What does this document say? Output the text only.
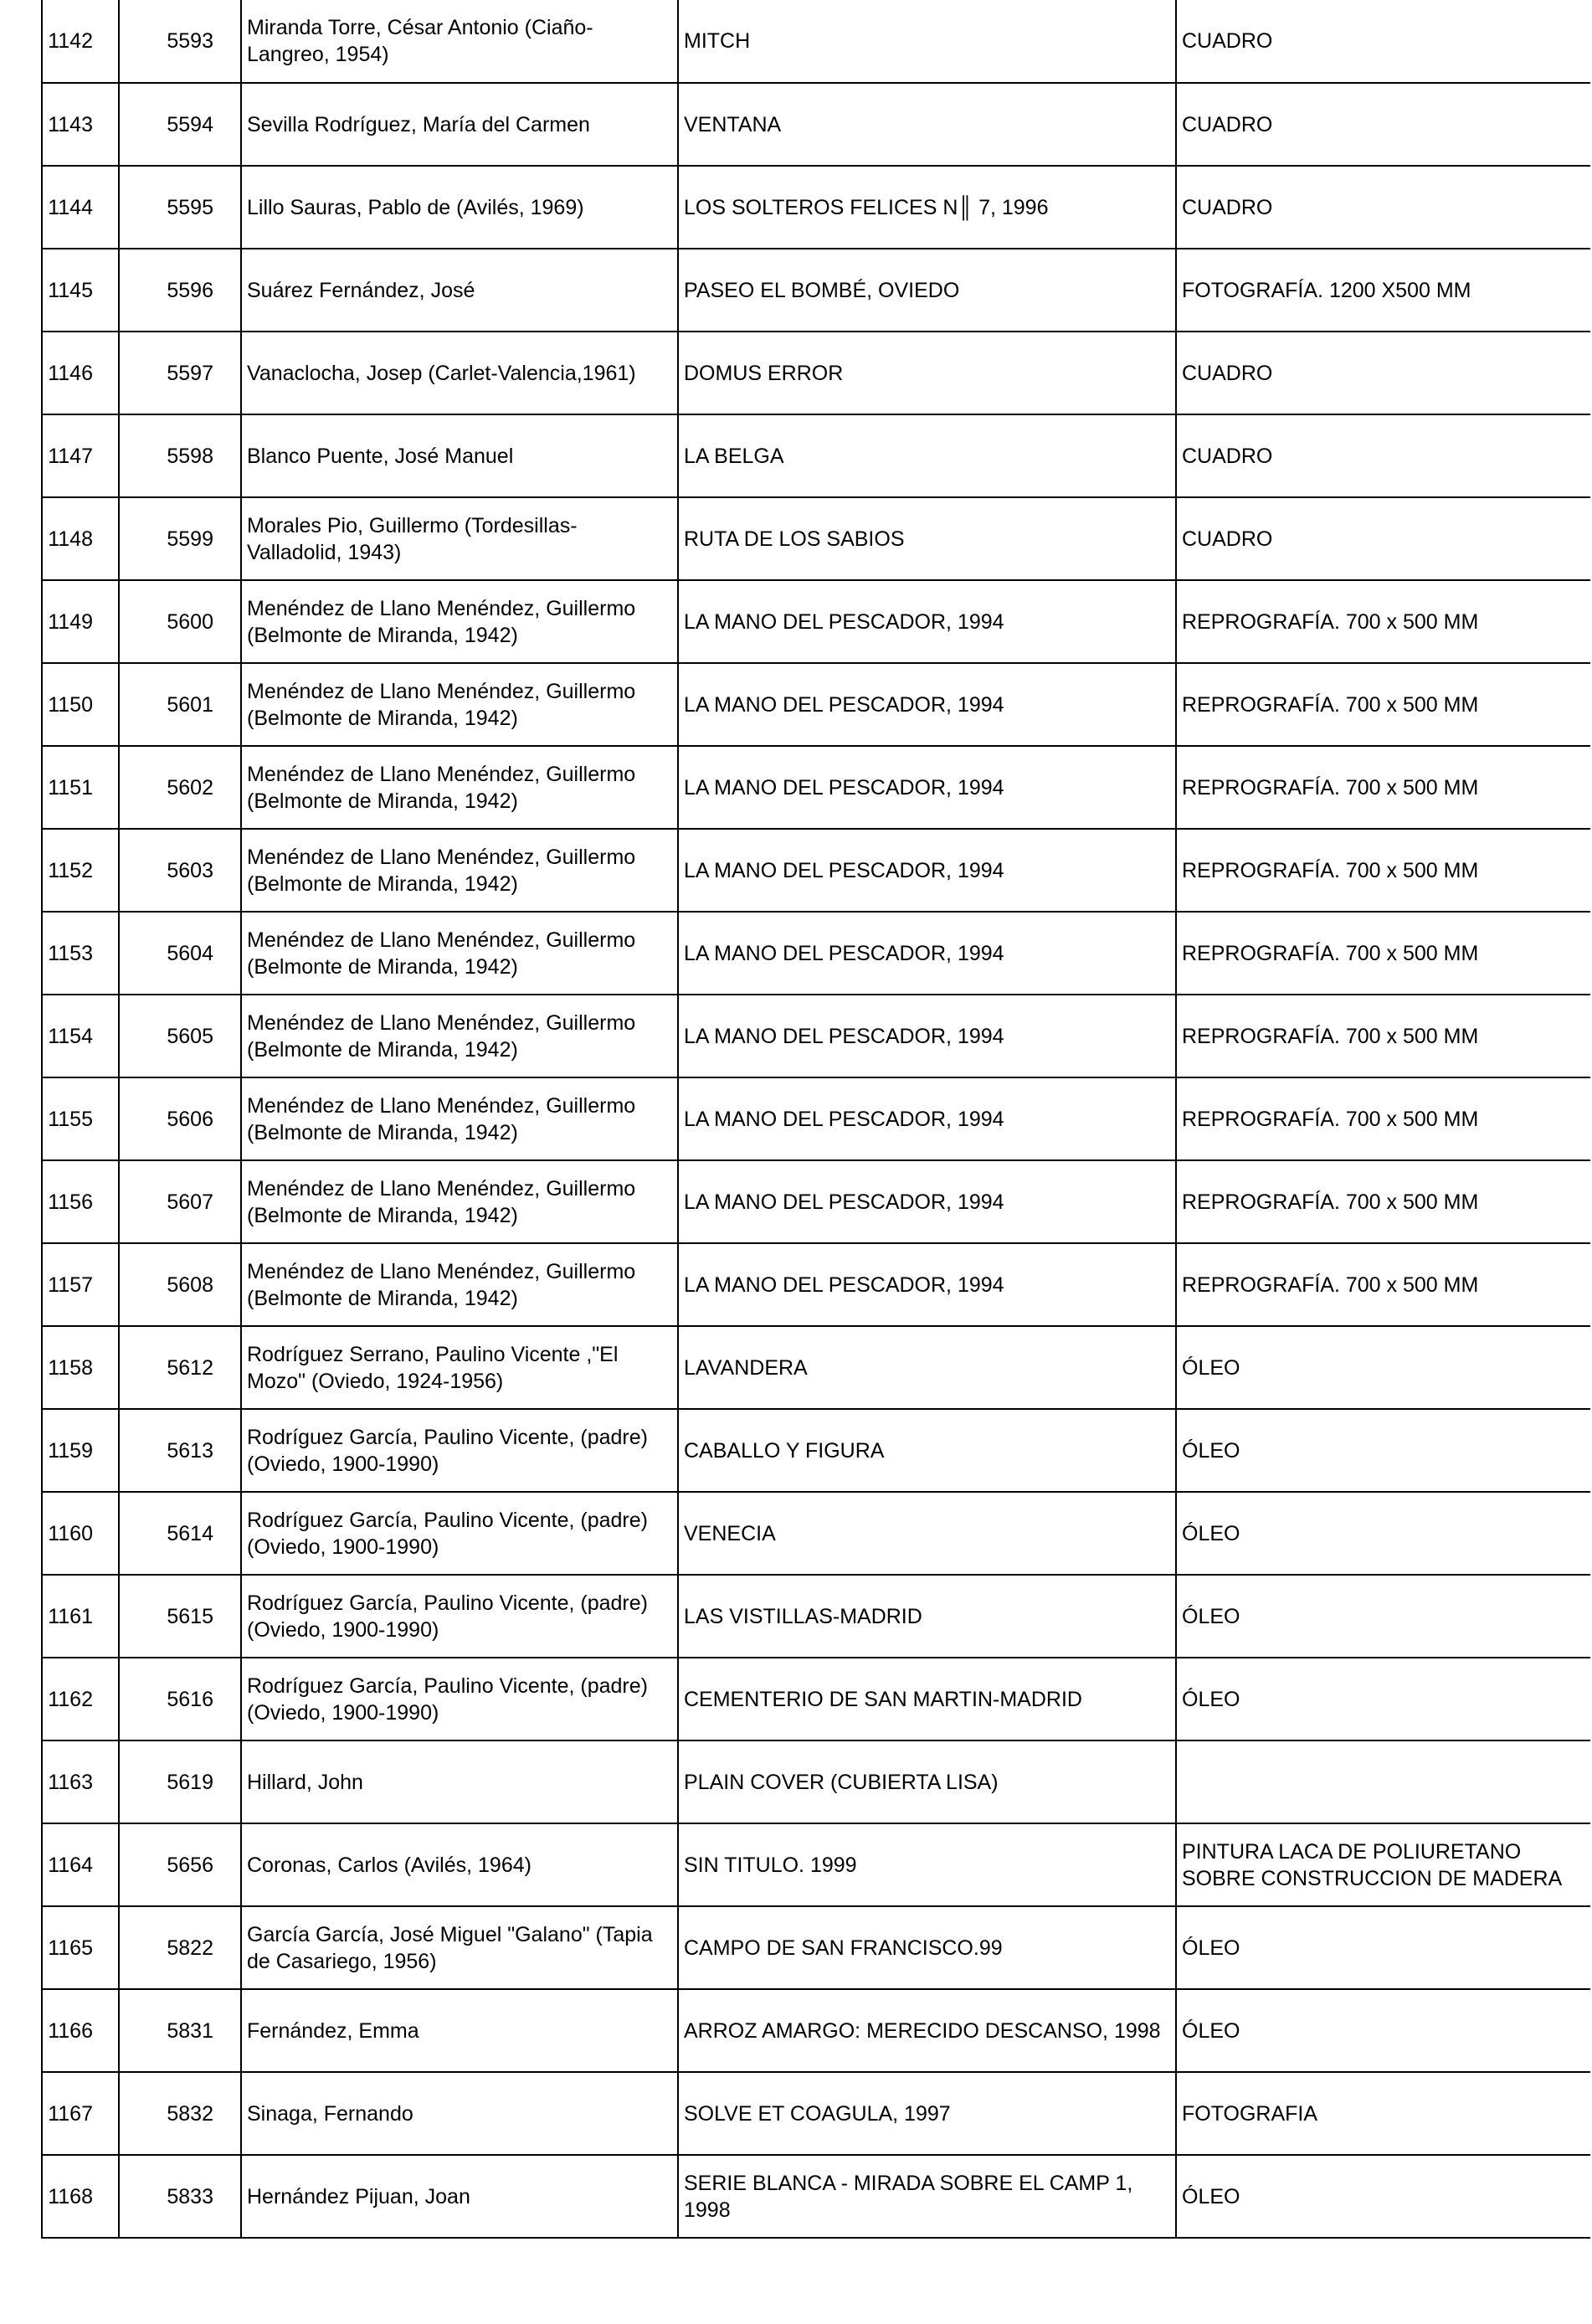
1142	5593	Miranda Torre, César Antonio (Ciaño-Langreo, 1954)	MITCH	CUADRO
1143	5594	Sevilla Rodríguez, María del Carmen	VENTANA	CUADRO
1144	5595	Lillo Sauras, Pablo de (Avilés, 1969)	LOS SOLTEROS FELICES N║ 7, 1996	CUADRO
1145	5596	Suárez Fernández, José	PASEO EL BOMBÉ, OVIEDO	FOTOGRAFÍA. 1200 X500 MM
1146	5597	Vanaclocha, Josep (Carlet-Valencia,1961)	DOMUS ERROR	CUADRO
1147	5598	Blanco Puente, José Manuel	LA BELGA	CUADRO
1148	5599	Morales Pio, Guillermo (Tordesillas-Valladolid, 1943)	RUTA DE LOS SABIOS	CUADRO
1149	5600	Menéndez de Llano Menéndez, Guillermo (Belmonte de Miranda, 1942)	LA MANO DEL PESCADOR, 1994	REPROGRAFÍA. 700 x 500 MM
1150	5601	Menéndez de Llano Menéndez, Guillermo (Belmonte de Miranda, 1942)	LA MANO DEL PESCADOR, 1994	REPROGRAFÍA. 700 x 500 MM
1151	5602	Menéndez de Llano Menéndez, Guillermo (Belmonte de Miranda, 1942)	LA MANO DEL PESCADOR, 1994	REPROGRAFÍA. 700 x 500 MM
1152	5603	Menéndez de Llano Menéndez, Guillermo (Belmonte de Miranda, 1942)	LA MANO DEL PESCADOR, 1994	REPROGRAFÍA. 700 x 500 MM
1153	5604	Menéndez de Llano Menéndez, Guillermo (Belmonte de Miranda, 1942)	LA MANO DEL PESCADOR, 1994	REPROGRAFÍA. 700 x 500 MM
1154	5605	Menéndez de Llano Menéndez, Guillermo (Belmonte de Miranda, 1942)	LA MANO DEL PESCADOR, 1994	REPROGRAFÍA. 700 x 500 MM
1155	5606	Menéndez de Llano Menéndez, Guillermo (Belmonte de Miranda, 1942)	LA MANO DEL PESCADOR, 1994	REPROGRAFÍA. 700 x 500 MM
1156	5607	Menéndez de Llano Menéndez, Guillermo (Belmonte de Miranda, 1942)	LA MANO DEL PESCADOR, 1994	REPROGRAFÍA. 700 x 500 MM
1157	5608	Menéndez de Llano Menéndez, Guillermo (Belmonte de Miranda, 1942)	LA MANO DEL PESCADOR, 1994	REPROGRAFÍA. 700 x 500 MM
1158	5612	Rodríguez Serrano, Paulino Vicente ,"El Mozo" (Oviedo, 1924-1956)	LAVANDERA	ÓLEO
1159	5613	Rodríguez García, Paulino Vicente, (padre) (Oviedo, 1900-1990)	CABALLO Y FIGURA	ÓLEO
1160	5614	Rodríguez García, Paulino Vicente, (padre) (Oviedo, 1900-1990)	VENECIA	ÓLEO
1161	5615	Rodríguez García, Paulino Vicente, (padre) (Oviedo, 1900-1990)	LAS VISTILLAS-MADRID	ÓLEO
1162	5616	Rodríguez García, Paulino Vicente, (padre) (Oviedo, 1900-1990)	CEMENTERIO DE SAN MARTIN-MADRID	ÓLEO
1163	5619	Hillard, John	PLAIN COVER (CUBIERTA LISA)	
1164	5656	Coronas, Carlos (Avilés, 1964)	SIN TITULO. 1999	PINTURA LACA DE POLIURETANO SOBRE CONSTRUCCION DE MADERA
1165	5822	García García, José Miguel "Galano" (Tapia de Casariego, 1956)	CAMPO DE SAN FRANCISCO.99	ÓLEO
1166	5831	Fernández, Emma	ARROZ AMARGO: MERECIDO DESCANSO, 1998	ÓLEO
1167	5832	Sinaga, Fernando	SOLVE ET COAGULA, 1997	FOTOGRAFIA
1168	5833	Hernández Pijuan, Joan	SERIE BLANCA - MIRADA SOBRE EL CAMP 1, 1998	ÓLEO
